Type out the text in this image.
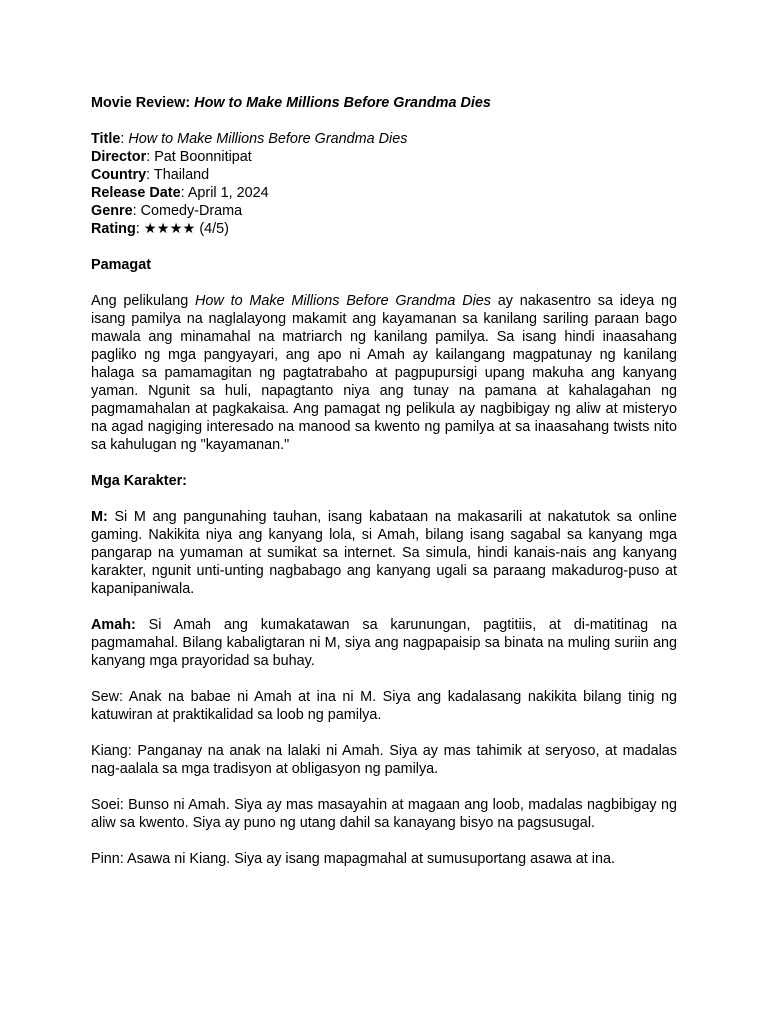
Movie Review: How to Make Millions Before Grandma Dies

Title: How to Make Millions Before Grandma Dies

Director: Pat Boonnitipat

Country: Thailand

Release Date: April 1, 2024

Genre: Comedy-Drama

Rating: ★★★★ (4/5)

Pamagat

Ang pelikulang How to Make Millions Before Grandma Dies ay nakasentro sa ideya ng isang pamilya na naglalayong makamit ang kayamanan sa kanilang sariling paraan bago mawala ang minamahal na matriarch ng kanilang pamilya. Sa isang hindi inaasahang pagliko ng mga pangyayari, ang apo ni Amah ay kailangang magpatunay ng kanilang halaga sa pamamagitan ng pagtatrabaho at pagpupursigi upang makuha ang kanyang yaman. Ngunit sa huli, napagtanto niya ang tunay na pamana at kahalagahan ng pagmamahalan at pagkakaisa. Ang pamagat ng pelikula ay nagbibigay ng aliw at misteryo na agad nagiging interesado na manood sa kwento ng pamilya at sa inaasahang twists nito sa kahulugan ng "kayamanan."

Mga Karakter:

M: Si M ang pangunahing tauhan, isang kabataan na makasarili at nakatutok sa online gaming. Nakikita niya ang kanyang lola, si Amah, bilang isang sagabal sa kanyang mga pangarap na yumaman at sumikat sa internet. Sa simula, hindi kanais-nais ang kanyang karakter, ngunit unti-unting nagbabago ang kanyang ugali sa paraang makadurog-puso at kapanipaniwala.

Amah: Si Amah ang kumakatawan sa karunungan, pagtitiis, at di-matitinag na pagmamahal. Bilang kabaligtaran ni M, siya ang nagpapaisip sa binata na muling suriin ang kanyang mga prayoridad sa buhay.

Sew: Anak na babae ni Amah at ina ni M. Siya ang kadalasang nakikita bilang tinig ng katuwiran at praktikalidad sa loob ng pamilya.

Kiang: Panganay na anak na lalaki ni Amah. Siya ay mas tahimik at seryoso, at madalas nag-aalala sa mga tradisyon at obligasyon ng pamilya.

Soei: Bunso ni Amah. Siya ay mas masayahin at magaan ang loob, madalas nagbibigay ng aliw sa kwento. Siya ay puno ng utang dahil sa kanayang bisyo na pagsusugal.

Pinn: Asawa ni Kiang. Siya ay isang mapagmahal at sumusuportang asawa at ina.
